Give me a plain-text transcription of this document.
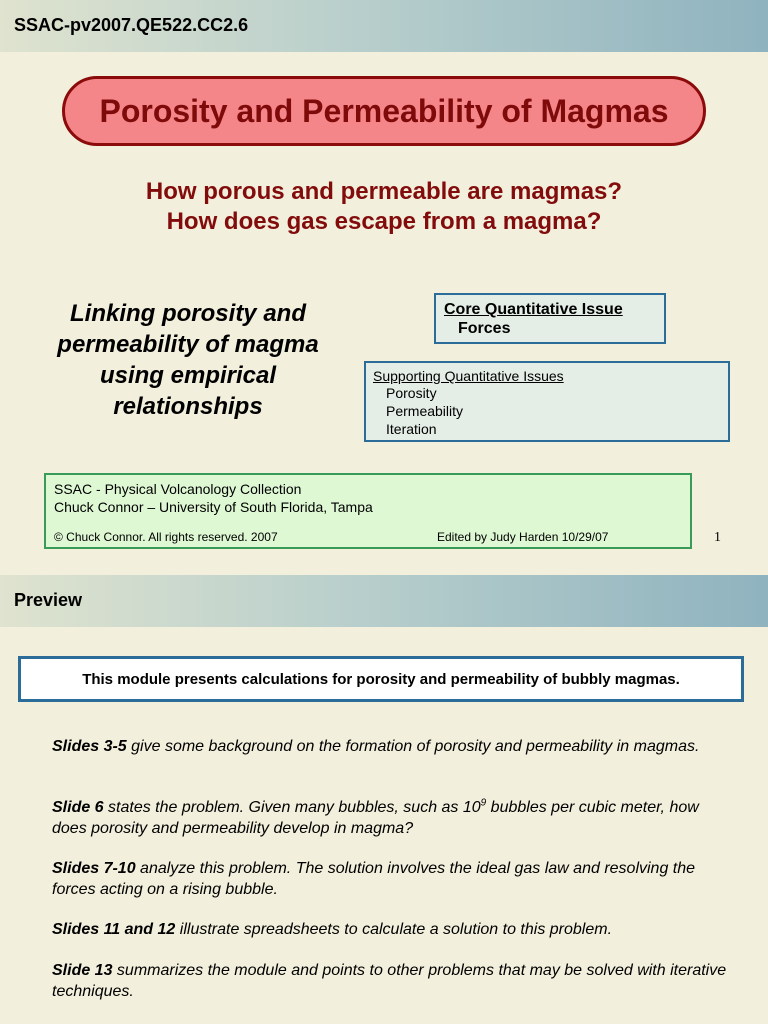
SSAC-pv2007.QE522.CC2.6
Porosity and Permeability of Magmas
How porous and permeable are magmas?
How does gas escape from a magma?
Linking porosity and permeability of magma using empirical relationships
Core Quantitative Issue
Forces
Supporting Quantitative Issues
Porosity
Permeability
Iteration
SSAC - Physical Volcanology Collection
Chuck Connor – University of South Florida, Tampa
© Chuck Connor. All rights reserved. 2007	Edited by Judy Harden 10/29/07	1
Preview
This module presents calculations for porosity and permeability of bubbly magmas.
Slides 3-5 give some background on the formation of porosity and permeability in magmas.
Slide 6 states the problem. Given many bubbles, such as $10^9$ bubbles per cubic meter, how does porosity and permeability develop in magma?
Slides 7-10 analyze this problem. The solution involves the ideal gas law and resolving the forces acting on a rising bubble.
Slides 11 and 12 illustrate spreadsheets to calculate a solution to this problem.
Slide 13 summarizes the module and points to other problems that may be solved with iterative techniques.
